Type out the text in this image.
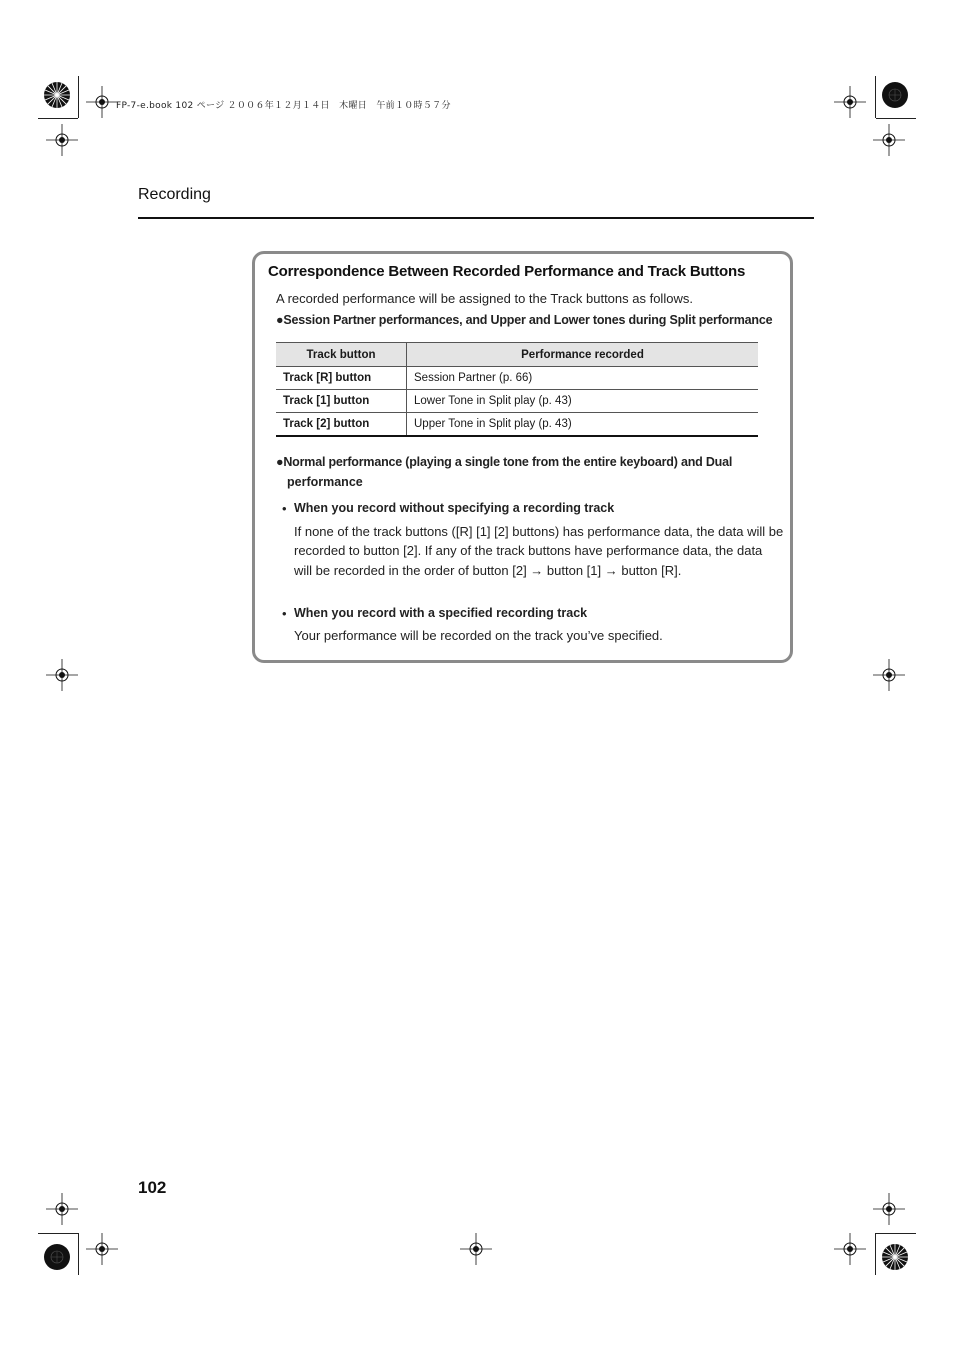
FP-7-e.book 102 ページ ２００６年１２月１４日　木曜日　午前１０時５７分
Recording
Correspondence Between Recorded Performance and Track Buttons
A recorded performance will be assigned to the Track buttons as follows.
●Session Partner performances, and Upper and Lower tones during Split performance
Track button	Performance recorded
Track [R] button	Session Partner (p. 66)
Track [1] button	Lower Tone in Split play (p. 43)
Track [2] button	Upper Tone in Split play (p. 43)
●Normal performance (playing a single tone from the entire keyboard) and Dual
performance
• When you record without specifying a recording track
If none of the track buttons ([R] [1] [2] buttons) has performance data, the data will be
recorded to button [2]. If any of the track buttons have performance data, the data
will be recorded in the order of button [2] → button [1] → button [R].
• When you record with a specified recording track
Your performance will be recorded on the track you’ve specified.
102
